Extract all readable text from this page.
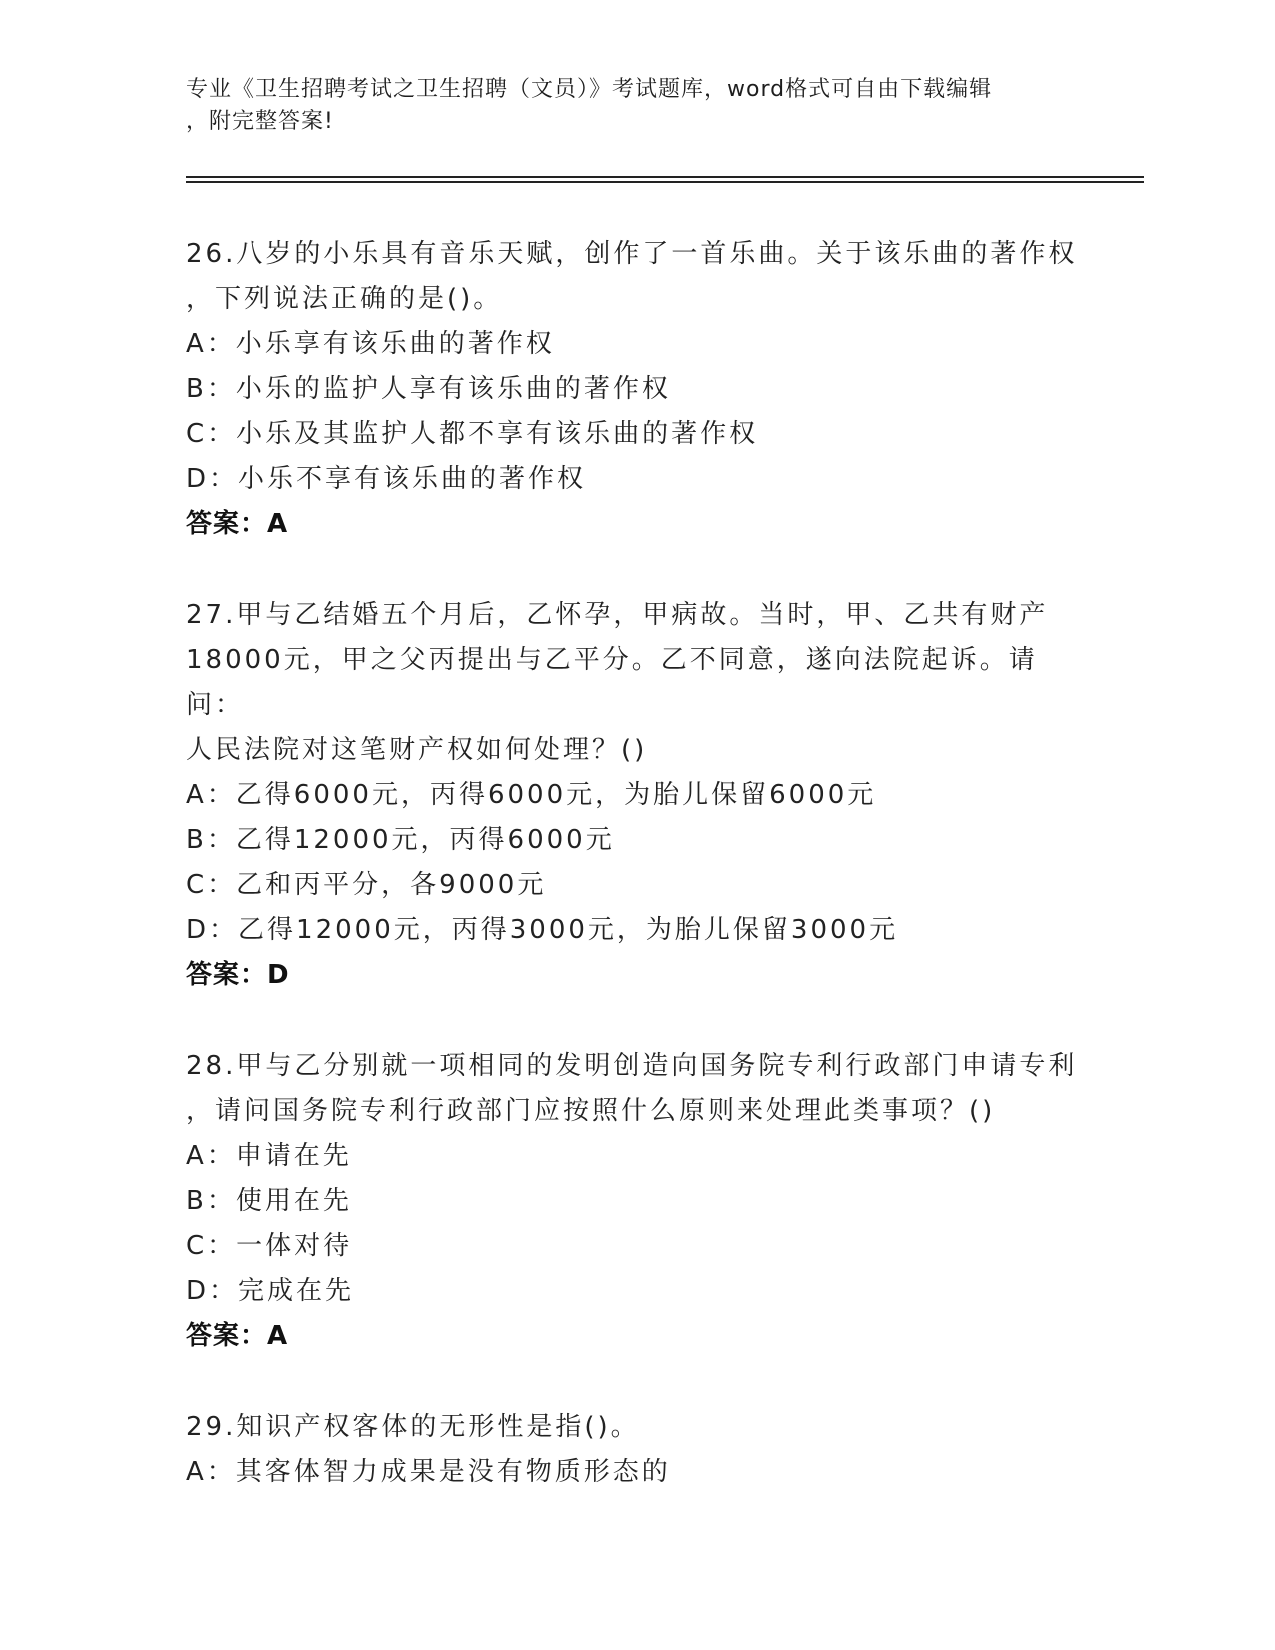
专业《卫生招聘考试之卫生招聘（文员）》考试题库，word格式可自由下载编辑
，附完整答案!
26.八岁的小乐具有音乐天赋，创作了一首乐曲。关于该乐曲的著作权
，下列说法正确的是()。
A：小乐享有该乐曲的著作权
B：小乐的监护人享有该乐曲的著作权
C：小乐及其监护人都不享有该乐曲的著作权
D：小乐不享有该乐曲的著作权
答案：A
27.甲与乙结婚五个月后，乙怀孕，甲病故。当时，甲、乙共有财产
18000元，甲之父丙提出与乙平分。乙不同意，遂向法院起诉。请问：
人民法院对这笔财产权如何处理？()
A：乙得6000元，丙得6000元，为胎儿保留6000元
B：乙得12000元，丙得6000元
C：乙和丙平分，各9000元
D：乙得12000元，丙得3000元，为胎儿保留3000元
答案：D
28.甲与乙分别就一项相同的发明创造向国务院专利行政部门申请专利
，请问国务院专利行政部门应按照什么原则来处理此类事项？()
A：申请在先
B：使用在先
C：一体对待
D：完成在先
答案：A
29.知识产权客体的无形性是指()。
A：其客体智力成果是没有物质形态的
